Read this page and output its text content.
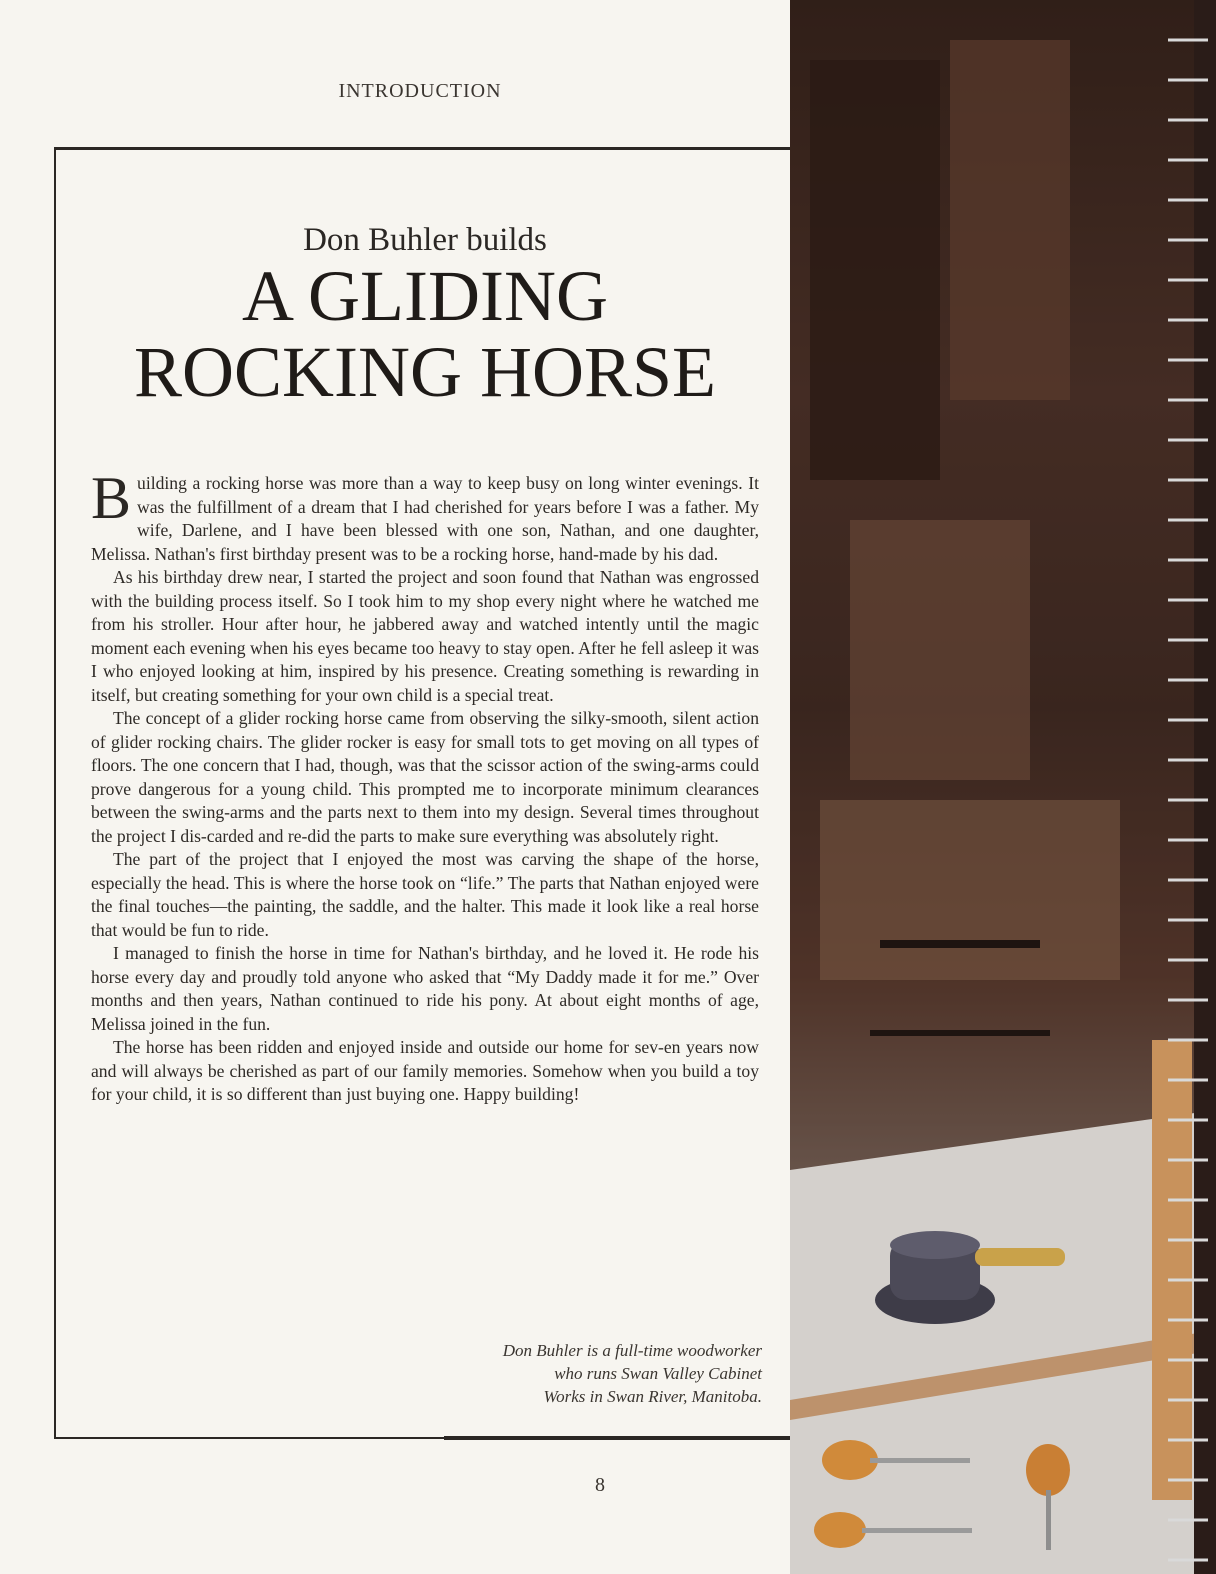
INTRODUCTION
Don Buhler builds
A GLIDING
ROCKING HORSE

Building a rocking horse was more than a way to keep busy on long winter evenings. It was the fulfillment of a dream that I had cherished for years before I was a father. My wife, Darlene, and I have been blessed with one son, Nathan, and one daughter, Melissa. Nathan's first birthday present was to be a rocking horse, hand-made by his dad.

As his birthday drew near, I started the project and soon found that Nathan was engrossed with the building process itself. So I took him to my shop every night where he watched me from his stroller. Hour after hour, he jabbered away and watched intently until the magic moment each evening when his eyes became too heavy to stay open. After he fell asleep it was I who enjoyed looking at him, inspired by his presence. Creating something is rewarding in itself, but creating something for your own child is a special treat.

The concept of a glider rocking horse came from observing the silky-smooth, silent action of glider rocking chairs. The glider rocker is easy for small tots to get moving on all types of floors. The one concern that I had, though, was that the scissor action of the swing-arms could prove dangerous for a young child. This prompted me to incorporate minimum clearances between the swing-arms and the parts next to them into my design. Several times throughout the project I dis-carded and re-did the parts to make sure everything was absolutely right.

The part of the project that I enjoyed the most was carving the shape of the horse, especially the head. This is where the horse took on “life.” The parts that Nathan enjoyed were the final touches—the painting, the saddle, and the halter. This made it look like a real horse that would be fun to ride.

I managed to finish the horse in time for Nathan's birthday, and he loved it. He rode his horse every day and proudly told anyone who asked that “My Daddy made it for me.” Over months and then years, Nathan continued to ride his pony. At about eight months of age, Melissa joined in the fun.

The horse has been ridden and enjoyed inside and outside our home for sev-en years now and will always be cherished as part of our family memories. Somehow when you build a toy for your child, it is so different than just buying one. Happy building!

Don Buhler is a full-time woodworker
who runs Swan Valley Cabinet
Works in Swan River, Manitoba.
8
